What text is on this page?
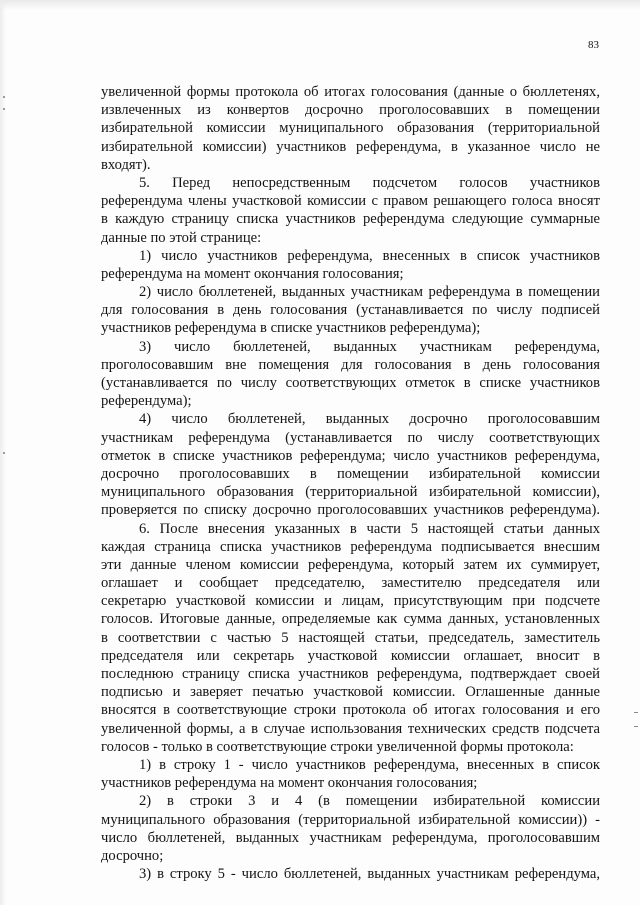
83
увеличенной формы протокола об итогах голосования (данные о бюллетенях,
извлеченных из конвертов досрочно проголосовавших в помещении
избирательной комиссии муниципального образования (территориальной
избирательной комиссии) участников референдума, в указанное число не
входят).
5. Перед непосредственным подсчетом голосов участников
референдума члены участковой комиссии с правом решающего голоса вносят
в каждую страницу списка участников референдума следующие суммарные
данные по этой странице:
1) число участников референдума, внесенных в список участников
референдума на момент окончания голосования;
2) число бюллетеней, выданных участникам референдума в помещении
для голосования в день голосования (устанавливается по числу подписей
участников референдума в списке участников референдума);
3) число бюллетеней, выданных участникам референдума,
проголосовавшим вне помещения для голосования в день голосования
(устанавливается по числу соответствующих отметок в списке участников
референдума);
4) число бюллетеней, выданных досрочно проголосовавшим
участникам референдума (устанавливается по числу соответствующих
отметок в списке участников референдума; число участников референдума,
досрочно проголосовавших в помещении избирательной комиссии
муниципального образования (территориальной избирательной комиссии),
проверяется по списку досрочно проголосовавших участников референдума).
6. После внесения указанных в части 5 настоящей статьи данных
каждая страница списка участников референдума подписывается внесшим
эти данные членом комиссии референдума, который затем их суммирует,
оглашает и сообщает председателю, заместителю председателя или
секретарю участковой комиссии и лицам, присутствующим при подсчете
голосов. Итоговые данные, определяемые как сумма данных, установленных
в соответствии с частью 5 настоящей статьи, председатель, заместитель
председателя или секретарь участковой комиссии оглашает, вносит в
последнюю страницу списка участников референдума, подтверждает своей
подписью и заверяет печатью участковой комиссии. Оглашенные данные
вносятся в соответствующие строки протокола об итогах голосования и его
увеличенной формы, а в случае использования технических средств подсчета
голосов - только в соответствующие строки увеличенной формы протокола:
1) в строку 1 - число участников референдума, внесенных в список
участников референдума на момент окончания голосования;
2) в строки 3 и 4 (в помещении избирательной комиссии
муниципального образования (территориальной избирательной комиссии)) -
число бюллетеней, выданных участникам референдума, проголосовавшим
досрочно;
3) в строку 5 - число бюллетеней, выданных участникам референдума,
